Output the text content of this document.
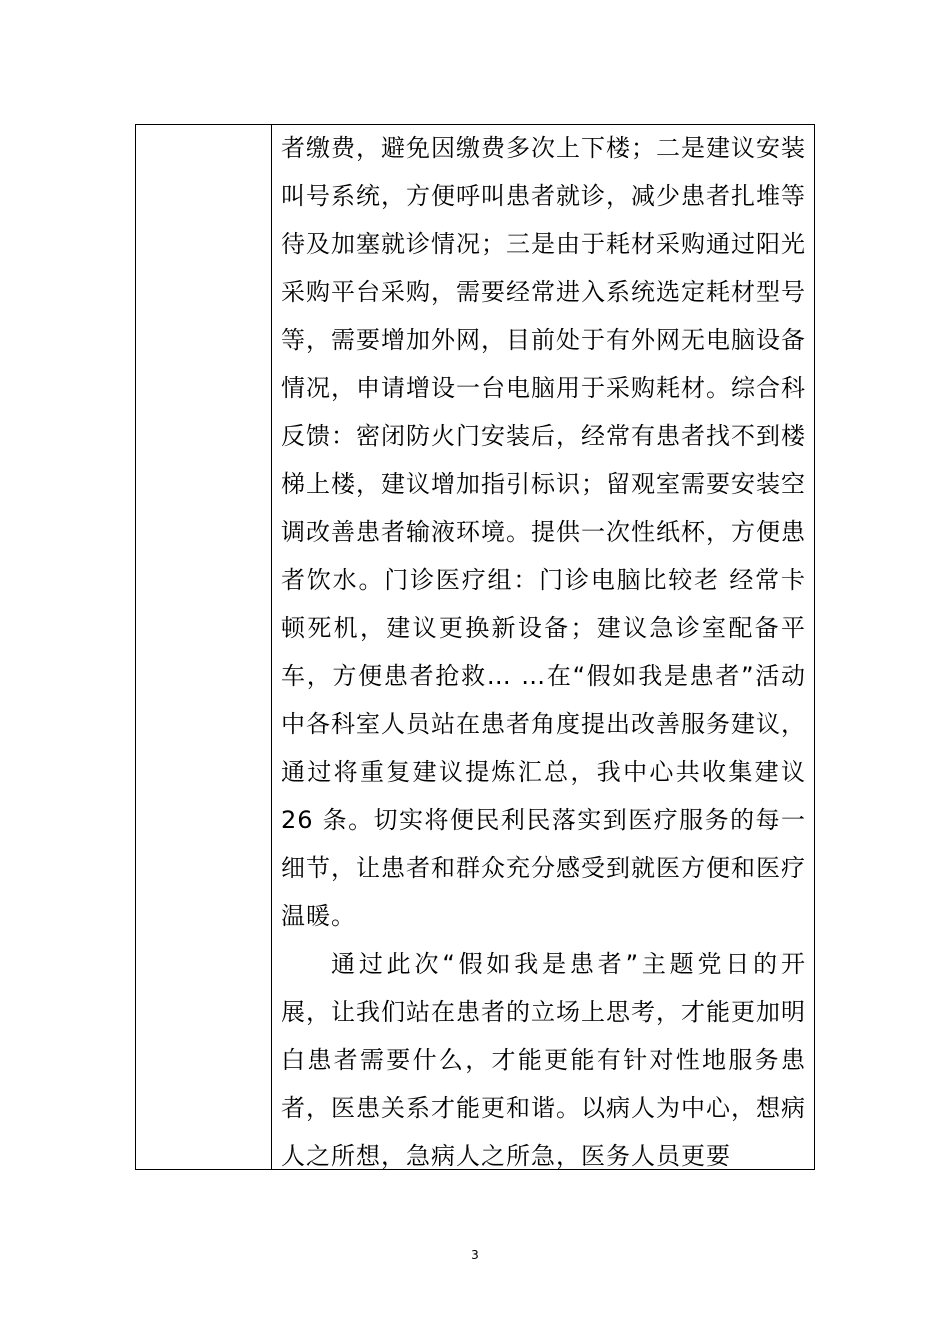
者缴费，避免因缴费多次上下楼；二是建议安装叫号系统，方便呼叫患者就诊，减少患者扎堆等待及加塞就诊情况；三是由于耗材采购通过阳光采购平台采购，需要经常进入系统选定耗材型号等，需要增加外网，目前处于有外网无电脑设备情况，申请增设一台电脑用于采购耗材。综合科反馈：密闭防火门安装后，经常有患者找不到楼梯上楼，建议增加指引标识；留观室需要安装空调改善患者输液环境。提供一次性纸杯，方便患者饮水。门诊医疗组：门诊电脑比较老 经常卡顿死机，建议更换新设备；建议急诊室配备平车，方便患者抢救… …在“假如我是患者”活动中各科室人员站在患者角度提出改善服务建议，通过将重复建议提炼汇总，我中心共收集建议 26 条。切实将便民利民落实到医疗服务的每一细节，让患者和群众充分感受到就医方便和医疗温暖。

通过此次“假如我是患者”主题党日的开展，让我们站在患者的立场上思考，才能更加明白患者需要什么，才能更能有针对性地服务患者，医患关系才能更和谐。以病人为中心，想病人之所想，急病人之所急，医务人员更要

3
